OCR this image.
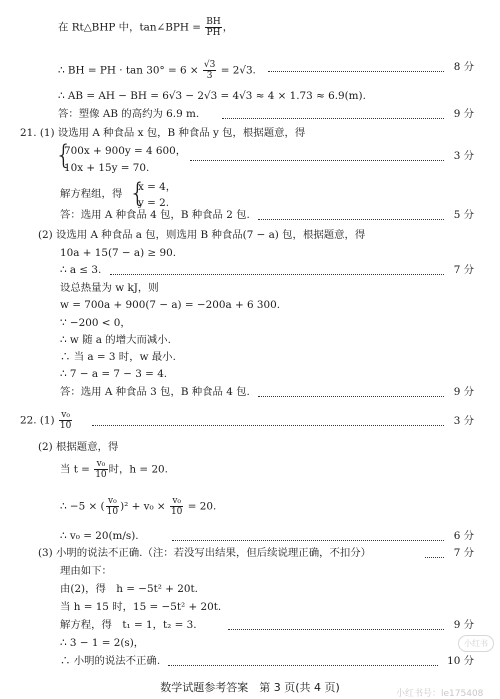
在 Rt△BHP 中，tan∠BPH = $\frac{BH}{PH}$ ，
∴ BH = PH · $\tan 30^\circ = 6 \times \frac{√3}{3} = 2√3$.	8 分
∴ AB = AH − BH = 6√3 − 2√3 = 4√3 ≈ 4 × 1.73 ≈ 6.9(m).
答：塑像 AB 的高约为 6.9 m.	9 分
21. (1) 设选用 A 种食品 x 包，B 种食品 y 包，根据题意，得
{
700x + 900y = 4 600，
10x + 15y = 70.
3 分
解方程组，得 {
x = 4，
y = 2.
答：选用 A 种食品 4 包，B 种食品 2 包.	5 分
(2) 设选用 A 种食品 a 包，则选用 B 种食品(7 − a) 包，根据题意，得
10a + 15(7 − a) ≥ 90.
∴ a ≤ 3.	7 分
设总热量为 w kJ，则
w = 700a + 900(7 − a) = −200a + 6 300.
∵ −200 < 0，
∴ w 随 a 的增大而减小.
∴ 当 a = 3 时，w 最小.
∴ 7 − a = 7 − 3 = 4.
答：选用 A 种食品 3 包，B 种食品 4 包.	9 分
22. $(1) \frac{\text{v₀}}{10}$	3 分
(2) 根据题意，得
当 $t = \frac{\text{v₀}}{10}$ 时，h = 20.
∴ −5 × ( $\frac{\text{v₀}}{10} )^2 + v_0 \times \frac{\text{v₀}}{10} = 20$.
∴ v₀ = 20(m/s).	6 分
(3) 小明的说法不正确.（注：若没写出结果，但后续说理正确，不扣分）	7 分
理由如下：
由(2)，得　h = −5t² + 20t.
当 h = 15 时，15 = −5t² + 20t.
解方程，得　t₁ = 1，t₂ = 3.	9 分
∴ 3 − 1 = 2(s)，
∴ 小明的说法不正确.	10 分
数学试题参考答案　第 3 页(共 4 页)
小红书
小红书号：le175408
